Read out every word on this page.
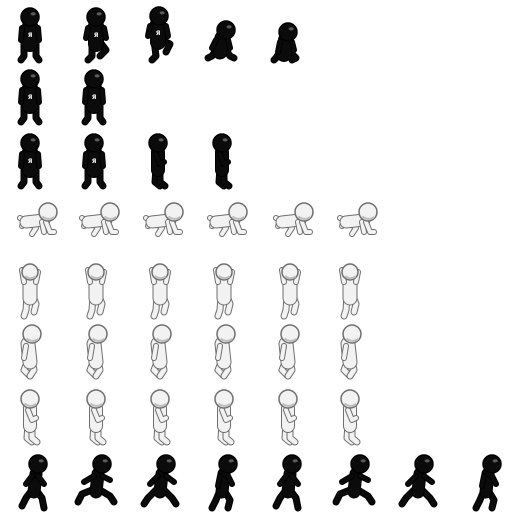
Я	Я	Я
Я	Я
Я	Я
